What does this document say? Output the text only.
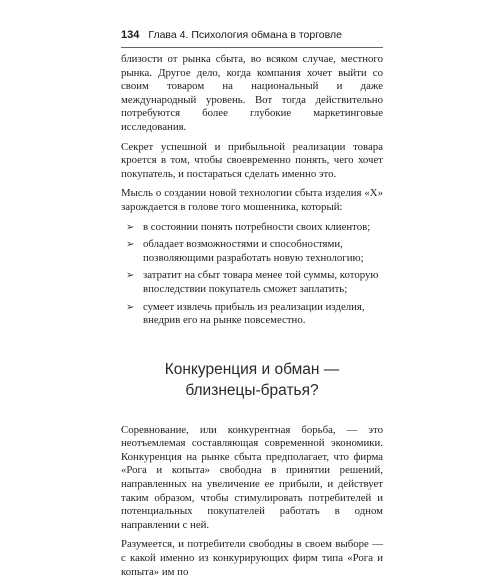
134 Глава 4. Психология обмана в торговле

близости от рынка сбыта, во всяком случае, местного рынка. Другое дело, когда компания хочет выйти со своим товаром на национальный и даже международный уровень. Вот тогда действительно потребуются более глубокие маркетинговые исследования.

Секрет успешной и прибыльной реализации товара кроется в том, чтобы своевременно понять, чего хочет покупатель, и постараться сделать именно это.

Мысль о создании новой технологии сбыта изделия «Х» зарождается в голове того мошенника, который:

➢ в состоянии понять потребности своих клиентов;
➢ обладает возможностями и способностями, позволяющими разработать новую технологию;
➢ затратит на сбыт товара менее той суммы, которую впоследствии покупатель сможет заплатить;
➢ сумеет извлечь прибыль из реализации изделия, внедрив его на рынке повсеместно.
Конкуренция и обман —
близнецы-братья?

Соревнование, или конкурентная борьба, — это неотъемлемая составляющая современной экономики. Конкуренция на рынке сбыта предполагает, что фирма «Рога и копыта» свободна в принятии решений, направленных на увеличение ее прибыли, и действует таким образом, чтобы стимулировать потребителей и потенциальных покупателей работать в одном направлении с ней.

Разумеется, и потребители свободны в своем выборе — с какой именно из конкурирующих фирм типа «Рога и копыта» им по
